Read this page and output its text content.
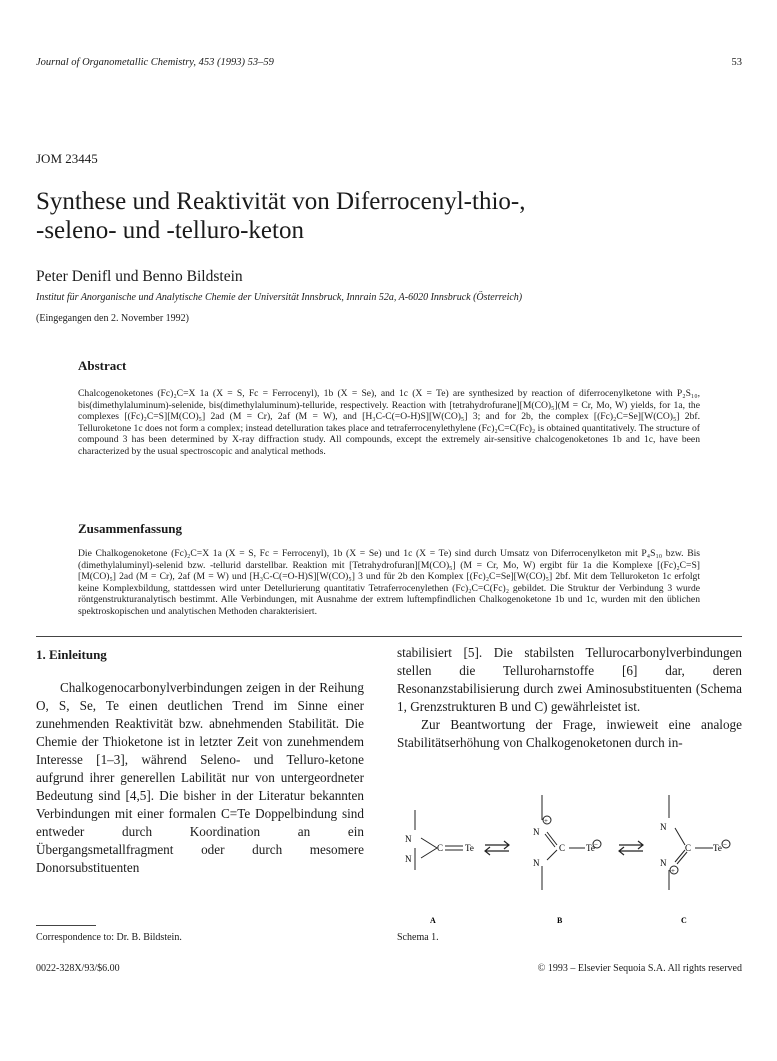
Journal of Organometallic Chemistry, 453 (1993) 53–59	53
JOM 23445
Synthese und Reaktivität von Diferrocenyl-thio-,
-seleno- und -telluro-keton
Peter Denifl und Benno Bildstein
Institut für Anorganische und Analytische Chemie der Universität Innsbruck, Innrain 52a, A-6020 Innsbruck (Österreich)
(Eingegangen den 2. November 1992)
Abstract

Chalcogenoketones (Fc)₂C=X 1a (X = S, Fc = Ferrocenyl), 1b (X = Se), and 1c (X = Te) are synthesized by reaction of diferrocenylketone with P₂S₁₀, bis(dimethylaluminum)-selenide, bis(dimethylaluminum)-telluride, respectively. Reaction with [tetrahydrofurane][M(CO)₅](M = Cr, Mo, W) yields, for 1a, the complexes [(Fc)₂C=S][M(CO)₅] 2ad (M = Cr), 2af (M = W), and [H₃C-C(=O-H)S][W(CO)₅] 3; and for 2b, the complex [(Fc)₂C=Se][W(CO)₅] 2bf. Telluroketone 1c does not form a complex; instead detelluration takes place and tetraferrocenylethylene (Fc)₂C=C(Fc)₂ is obtained quantitatively. The structure of compound 3 has been determined by X-ray diffraction study. All compounds, except the extremely air-sensitive chalcogenoketones 1b and 1c, have been characterized by the usual spectroscopic and analytical methods.

Zusammenfassung

Die Chalkogenoketone (Fc)₂C=X 1a (X = S, Fc = Ferrocenyl), 1b (X = Se) und 1c (X = Te) sind durch Umsatz von Diferrocenylketon mit P₄S₁₀ bzw. Bis (dimethylaluminyl)-selenid bzw. -tellurid darstellbar. Reaktion mit [Tetrahydrofuran][M(CO)₅] (M = Cr, Mo, W) ergibt für 1a die Komplexe [(Fc)₂C=S][M(CO)₅] 2ad (M = Cr), 2af (M = W) und [H₃C-C(=O-H)S][W(CO)₅] 3 und für 2b den Komplex [(Fc)₂C=Se][W(CO)₅] 2bf. Mit dem Telluroketon 1c erfolgt keine Komplexbildung, stattdessen wird unter Detellurierung quantitativ Tetraferrocenylethen (Fc)₂C=C(Fc)₂ gebildet. Die Struktur der Verbindung 3 wurde röntgenstrukturanalytisch bestimmt. Alle Verbindungen, mit Ausnahme der extrem luftempfindlichen Chalkogenoketone 1b und 1c, wurden mit den üblichen spektroskopischen und analytischen Methoden charakterisiert.

1. Einleitung

Chalkogenocarbonylverbindungen zeigen in der Reihung O, S, Se, Te einen deutlichen Trend im Sinne einer zunehmenden Reaktivität bzw. abnehmenden Stabilität. Die Chemie der Thioketone ist in letzter Zeit von zunehmendem Interesse [1–3], während Seleno- und Telluro-ketone aufgrund ihrer generellen Labilität nur von untergeordneter Bedeutung sind [4,5]. Die bisher in der Literatur bekannten Verbindungen mit einer formalen C=Te Doppelbindung sind entweder durch Koordination an ein Übergangsmetallfragment oder durch mesomere Donorsubstituenten

stabilisiert [5]. Die stabilsten Tellurocarbonylverbindungen stellen die Telluroharnstoffe [6] dar, deren Resonanzstabilisierung durch zwei Aminosubstituenten (Schema 1, Grenzstrukturen B und C) gewährleistet ist.

Zur Beantwortung der Frage, inwieweit eine analoge Stabilitätserhöhung von Chalkogenoketonen durch in-

N
N
C Te
N
N
C Te
+
−
N
N
C Te
+
−
A	B	C
Schema 1.
Correspondence to: Dr. B. Bildstein.
0022-328X/93/$6.00	© 1993 – Elsevier Sequoia S.A. All rights reserved
